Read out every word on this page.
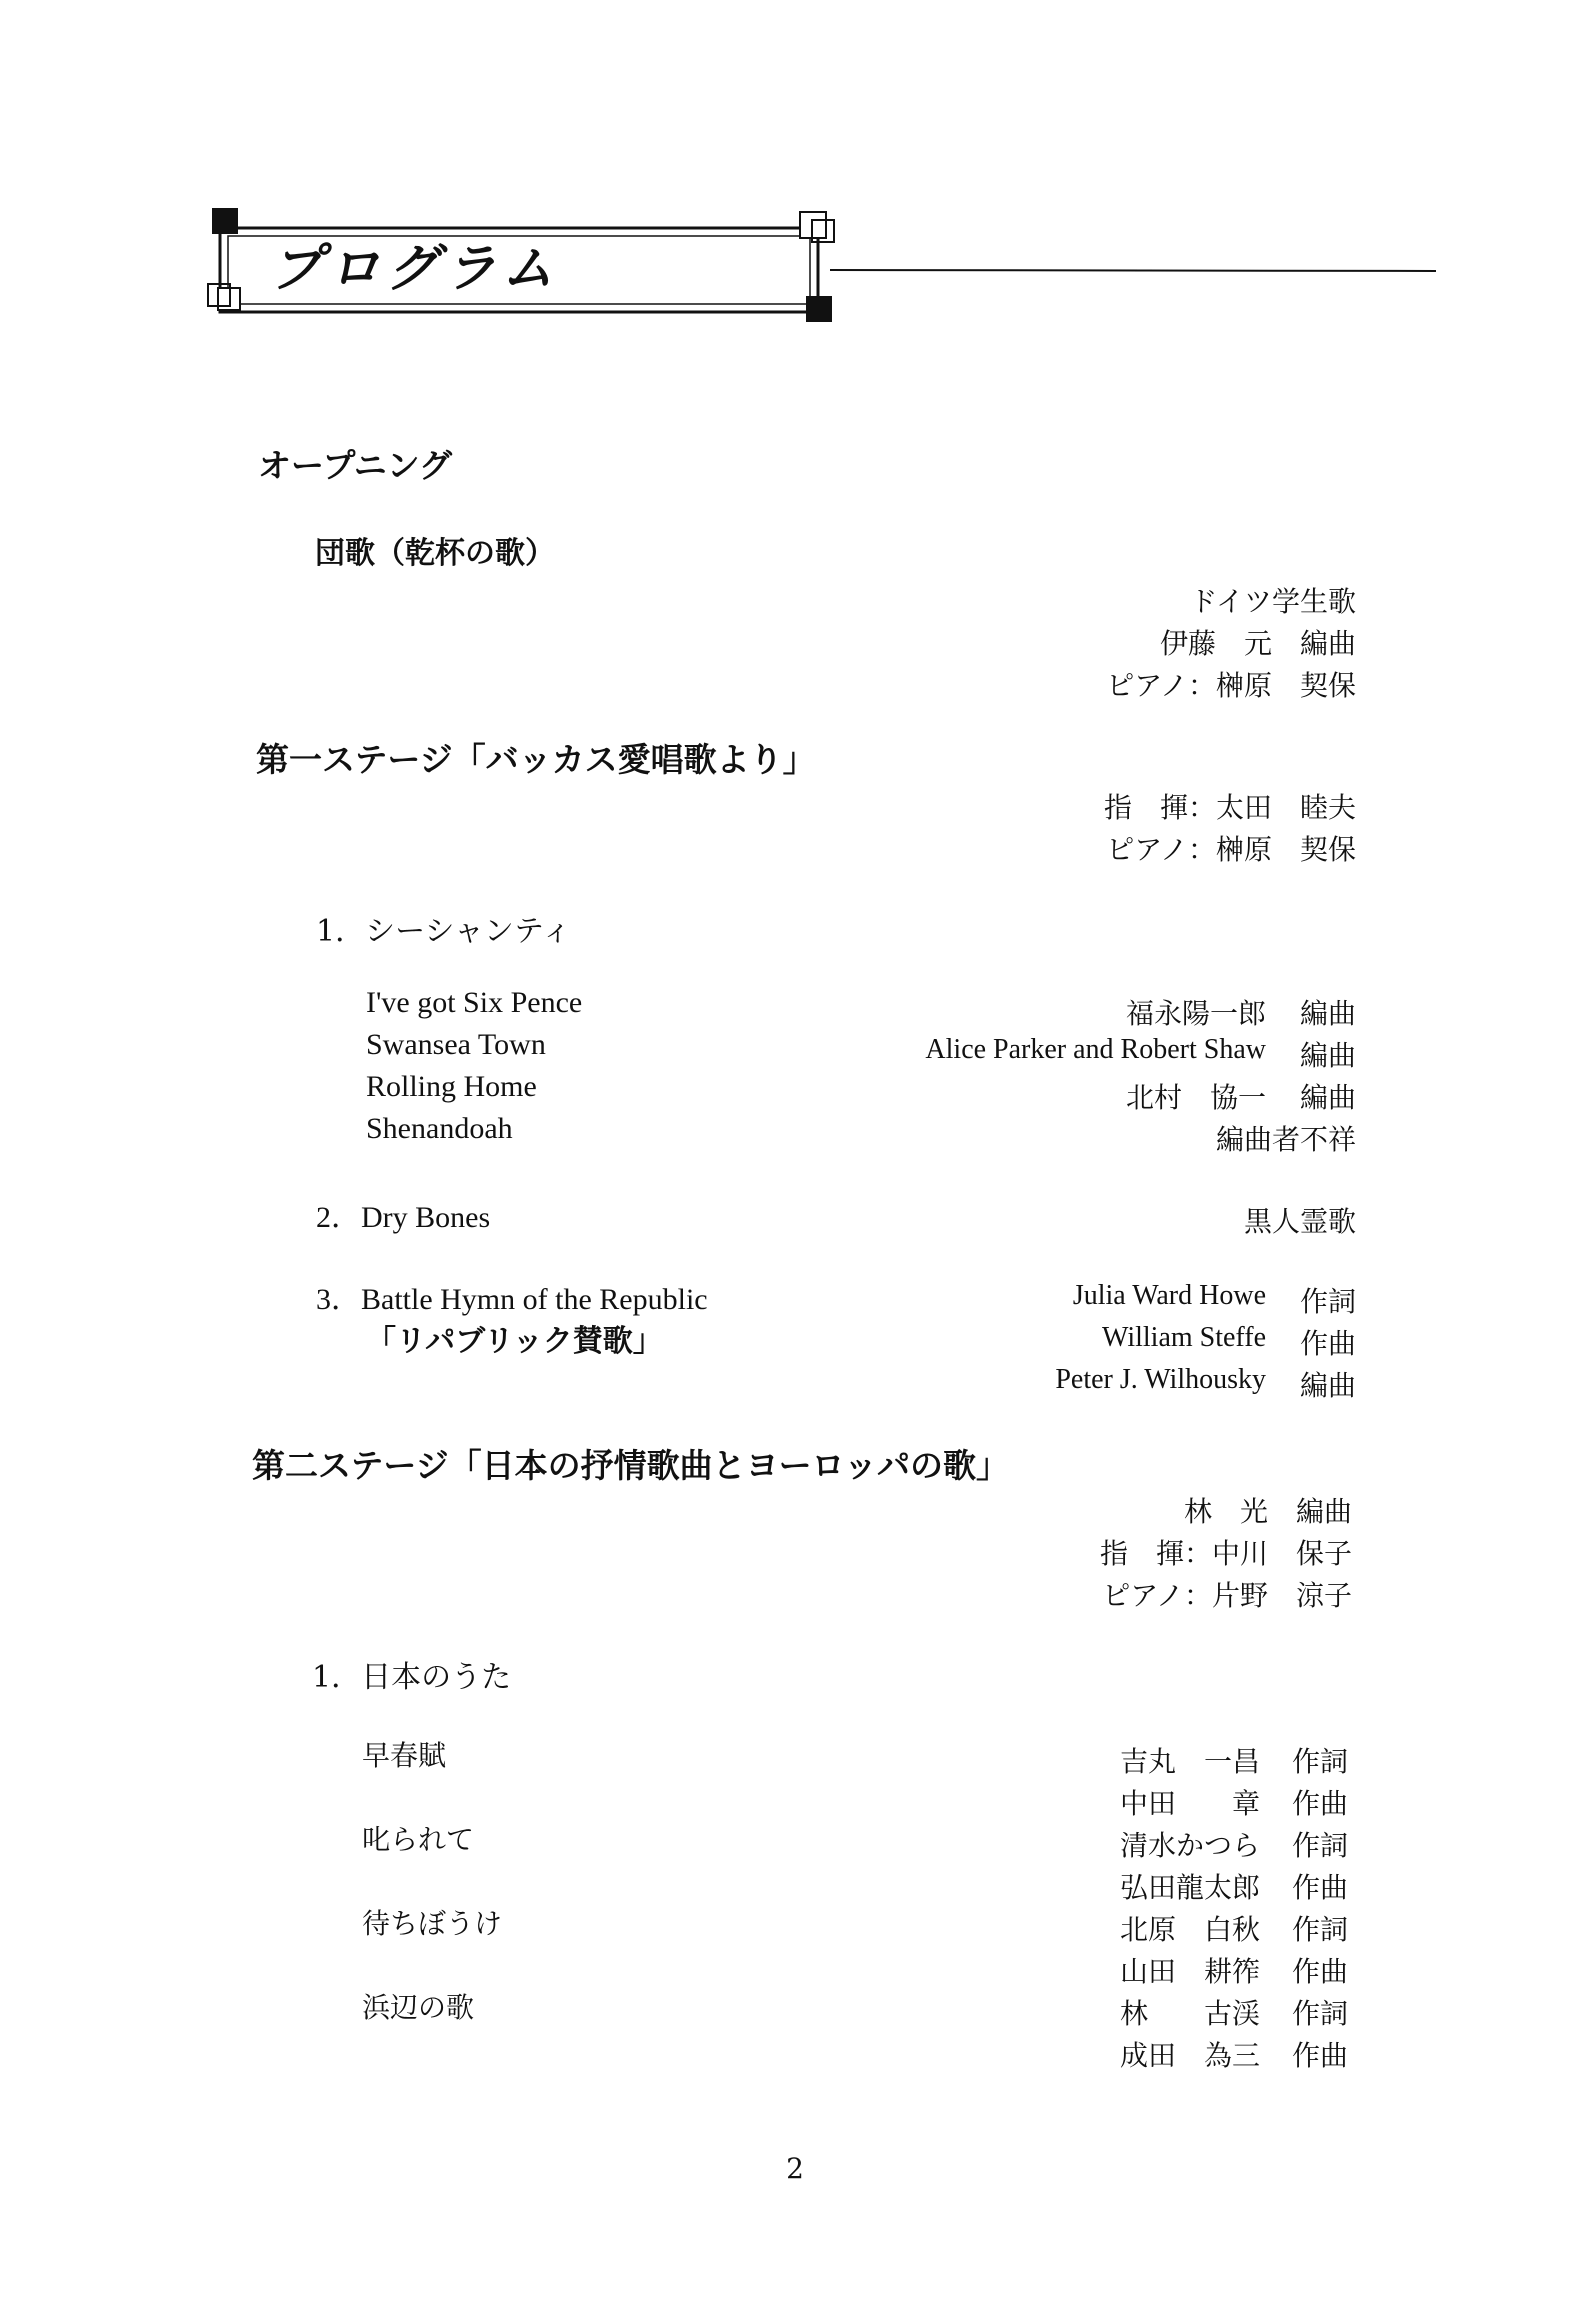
プログラム
オープニング
団歌（乾杯の歌）
ドイツ学生歌
伊藤　元　編曲
ピアノ：榊原　契保
第一ステージ「バッカス愛唱歌より」
指　揮：太田　睦夫
ピアノ：榊原　契保
1．シーシャンティ
I've got Six Pence
Swansea Town
Rolling Home
Shenandoah
福永陽一郎 編曲
Alice Parker and Robert Shaw 編曲
北村　協一 編曲
編曲者不祥
2．Dry Bones	黒人霊歌
3．Battle Hymn of the Republic
「リパブリック賛歌」
Julia Ward Howe 作詞
William Steffe 作曲
Peter J. Wilhousky 編曲
第二ステージ「日本の抒情歌曲とヨーロッパの歌」
林　光　編曲
指　揮：中川　保子
ピアノ：片野　涼子
1．日本のうた
早春賦
叱られて
待ちぼうけ
浜辺の歌
吉丸　一昌 作詞
中田　　章 作曲
清水かつら 作詞
弘田龍太郎 作曲
北原　白秋 作詞
山田　耕筰 作曲
林　　古渓 作詞
成田　為三 作曲
2
